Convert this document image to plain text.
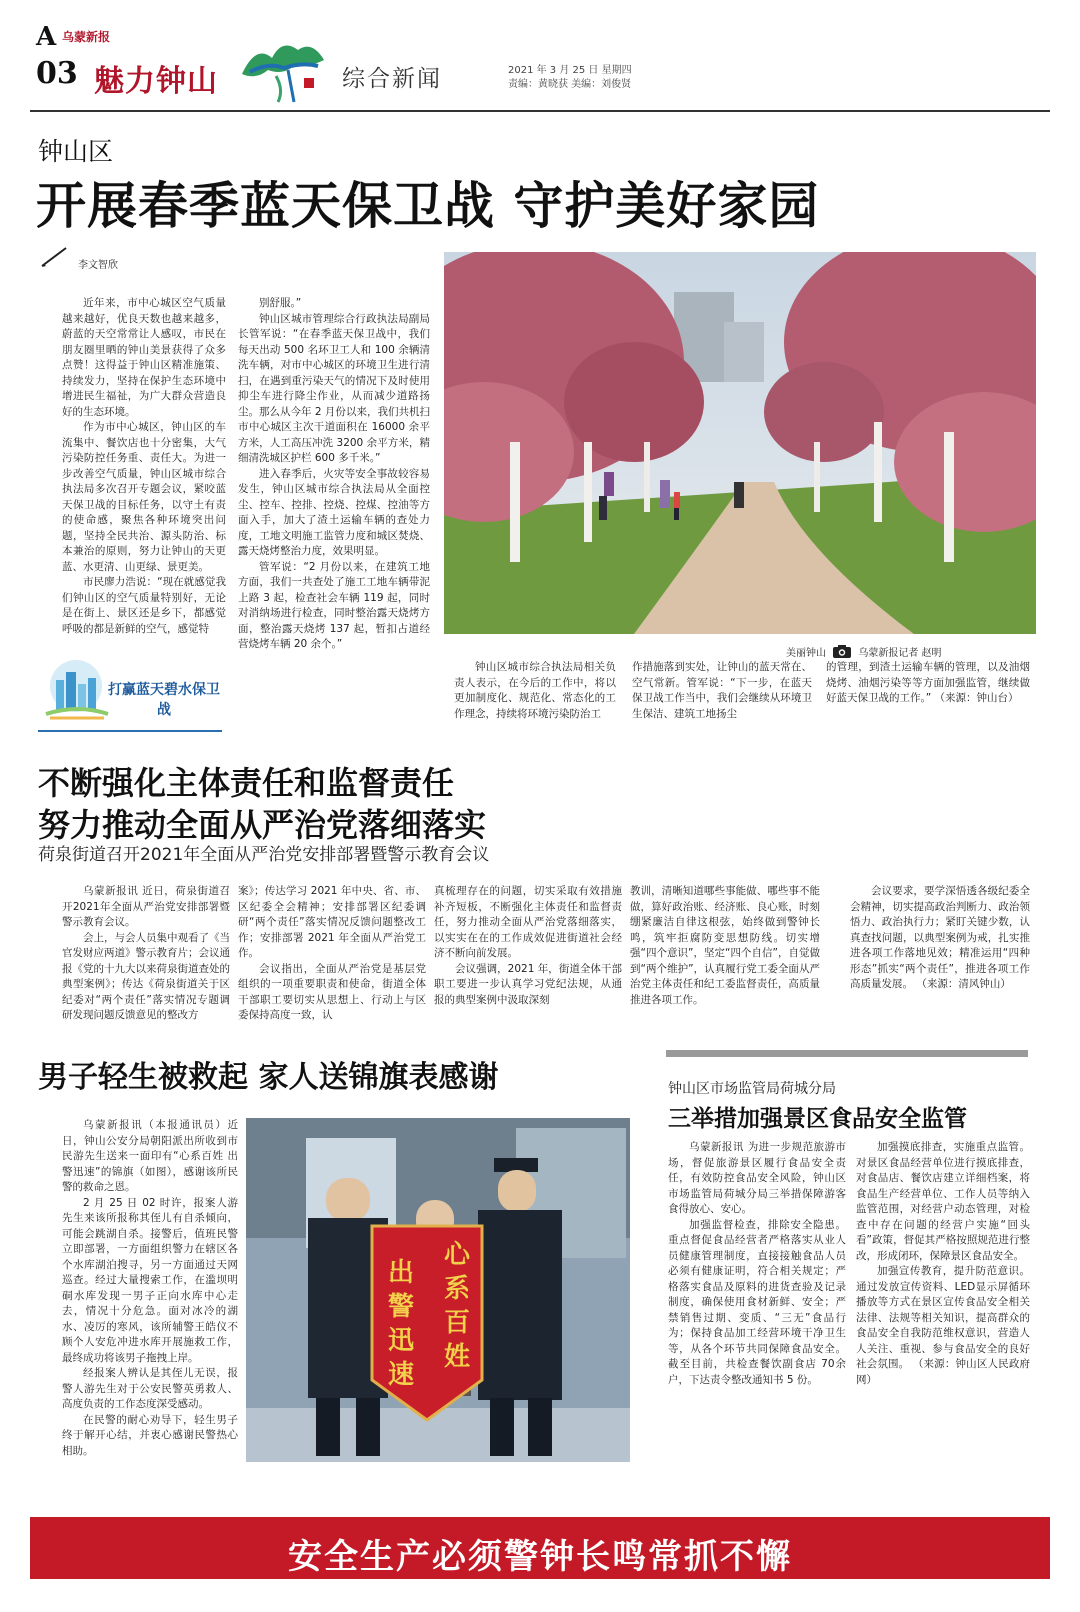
A 乌蒙新报
03 魅力钟山	综合新闻	2021 年 3 月 25 日 星期四
责编：黄晓获 美编：刘俊贤
钟山区
开展春季蓝天保卫战 守护美好家园
李文智欣

近年来，市中心城区空气质量越来越好，优良天数也越来越多，蔚蓝的天空常常让人感叹，市民在朋友圈里晒的钟山美景获得了众多点赞！这得益于钟山区精准施策、持续发力，坚持在保护生态环境中增进民生福祉，为广大群众营造良好的生态环境。

作为市中心城区，钟山区的车流集中、餐饮店也十分密集，大气污染防控任务重、责任大。为进一步改善空气质量，钟山区城市综合执法局多次召开专题会议，紧咬蓝天保卫战的目标任务，以守土有责的使命感，聚焦各种环境突出问题，坚持全民共治、源头防治、标本兼治的原则，努力让钟山的天更蓝、水更清、山更绿、景更美。

市民廖力浩说：“现在就感觉我们钟山区的空气质量特别好，无论是在街上、景区还是乡下，都感觉呼吸的都是新鲜的空气，感觉特

别舒服。”

钟山区城市管理综合行政执法局副局长管军说：“在春季蓝天保卫战中，我们每天出动 500 名环卫工人和 100 余辆清洗车辆，对市中心城区的环境卫生进行清扫，在遇到重污染天气的情况下及时使用抑尘车进行降尘作业，从而减少道路扬尘。那么从今年 2 月份以来，我们共机扫市中心城区主次干道面积在 16000 余平方米，人工高压冲洗 3200 余平方米，精细清洗城区护栏 600 多千米。”

进入春季后，火灾等安全事故较容易发生，钟山区城市综合执法局从全面控尘、控车、控排、控烧、控煤、控油等方面入手，加大了渣土运输车辆的查处力度，工地文明施工监管力度和城区焚烧、露天烧烤整治力度，效果明显。

管军说：“2 月份以来，在建筑工地方面，我们一共查处了施工工地车辆带泥上路 3 起，检查社会车辆 119 起，同时对消纳场进行检查，同时整治露天烧烤方面，整治露天烧烤 137 起，暂扣占道经营烧烤车辆 20 余个。”

美丽钟山	乌蒙新报记者 赵明
打赢蓝天碧水保卫战

钟山区城市综合执法局相关负责人表示，在今后的工作中，将以更加制度化、规范化、常态化的工作理念，持续将环境污染防治工

作措施落到实处，让钟山的蓝天常在、空气常新。管军说：“下一步，在蓝天保卫战工作当中，我们会继续从环境卫生保洁、建筑工地扬尘

的管理，到渣土运输车辆的管理，以及油烟烧烤、油烟污染等等方面加强监管，继续做好蓝天保卫战的工作。” （来源：钟山台）

不断强化主体责任和监督责任
努力推动全面从严治党落细落实
荷泉街道召开2021年全面从严治党安排部署暨警示教育会议

乌蒙新报讯 近日，荷泉街道召开2021年全面从严治党安排部署暨警示教育会议。

会上，与会人员集中观看了《当官发财应两道》警示教育片；会议通报《党的十九大以来荷泉街道查处的典型案例》；传达《荷泉街道关于区纪委对“两个责任”落实情况专题调研发现问题反馈意见的整改方

案》；传达学习 2021 年中央、省、市、区纪委全会精神；安排部署区纪委调研“两个责任”落实情况反馈问题整改工作；安排部署 2021 年全面从严治党工作。

会议指出，全面从严治党是基层党组织的一项重要职责和使命，街道全体干部职工要切实从思想上、行动上与区委保持高度一致，认

真梳理存在的问题，切实采取有效措施补齐短板，不断强化主体责任和监督责任，努力推动全面从严治党落细落实，以实实在在的工作成效促进街道社会经济不断向前发展。

会议强调，2021 年，街道全体干部职工要进一步认真学习党纪法规，从通报的典型案例中汲取深刻

教训，清晰知道哪些事能做、哪些事不能做，算好政治账、经济账、良心账，时刻绷紧廉洁自律这根弦，始终做到警钟长鸣，筑牢拒腐防变思想防线。切实增强“四个意识”，坚定“四个自信”，自觉做到“两个维护”，认真履行党工委全面从严治党主体责任和纪工委监督责任，高质量推进各项工作。

会议要求，要学深悟透各级纪委全会精神，切实提高政治判断力、政治领悟力、政治执行力；紧盯关键少数，认真查找问题，以典型案例为戒，扎实推进各项工作落地见效；精准运用“四种形态”抓实“两个责任”，推进各项工作高质量发展。 （来源：清风钟山）

男子轻生被救起 家人送锦旗表感谢

乌蒙新报讯（本报通讯员）近日，钟山公安分局朝阳派出所收到市民游先生送来一面印有“心系百姓 出警迅速”的锦旗（如图），感谢该所民警的救命之恩。

2 月 25 日 02 时许，报案人游先生来该所报称其侄儿有自杀倾向，可能会跳湖自杀。接警后，值班民警立即部署，一方面组织警力在辖区各个水库湖泊搜寻，另一方面通过天网巡查。经过大量搜索工作，在滥坝明硐水库发现一男子正向水库中心走去，情况十分危急。面对冰冷的湖水、凌厉的寒风，该所辅警王皓仪不顾个人安危冲进水库开展施救工作，最终成功将该男子拖拽上岸。

经报案人辨认是其侄儿无误，报警人游先生对于公安民警英勇救人、高度负责的工作态度深受感动。

在民警的耐心劝导下，轻生男子终于解开心结，并衷心感谢民警热心相助。

心系百姓
出警迅速
钟山区市场监管局荷城分局
三举措加强景区食品安全监管

乌蒙新报讯 为进一步规范旅游市场，督促旅游景区履行食品安全责任，有效防控食品安全风险，钟山区市场监管局荷城分局三举措保障游客食得放心、安心。

加强监督检查，排除安全隐患。重点督促食品经营者严格落实从业人员健康管理制度，直接接触食品人员必须有健康证明，符合相关规定；严格落实食品及原料的进货查验及记录制度，确保使用食材新鲜、安全；严禁销售过期、变质、“三无”食品行为；保持食品加工经营环境干净卫生等，从各个环节共同保障食品安全。截至目前，共检查餐饮副食店 70余户，下达责令整改通知书 5 份。

加强摸底排查，实施重点监管。对景区食品经营单位进行摸底排查，对食品店、餐饮店建立详细档案，将食品生产经营单位、工作人员等纳入监管范围，对经营户动态管理，对检查中存在问题的经营户实施“回头看”政策，督促其严格按照规范进行整改，形成闭环，保障景区食品安全。

加强宣传教育，提升防范意识。通过发放宣传资料、LED显示屏循环播放等方式在景区宣传食品安全相关法律、法规等相关知识，提高群众的食品安全自我防范维权意识，营造人人关注、重视、参与食品安全的良好社会氛围。 （来源：钟山区人民政府网）

安全生产必须警钟长鸣常抓不懈
